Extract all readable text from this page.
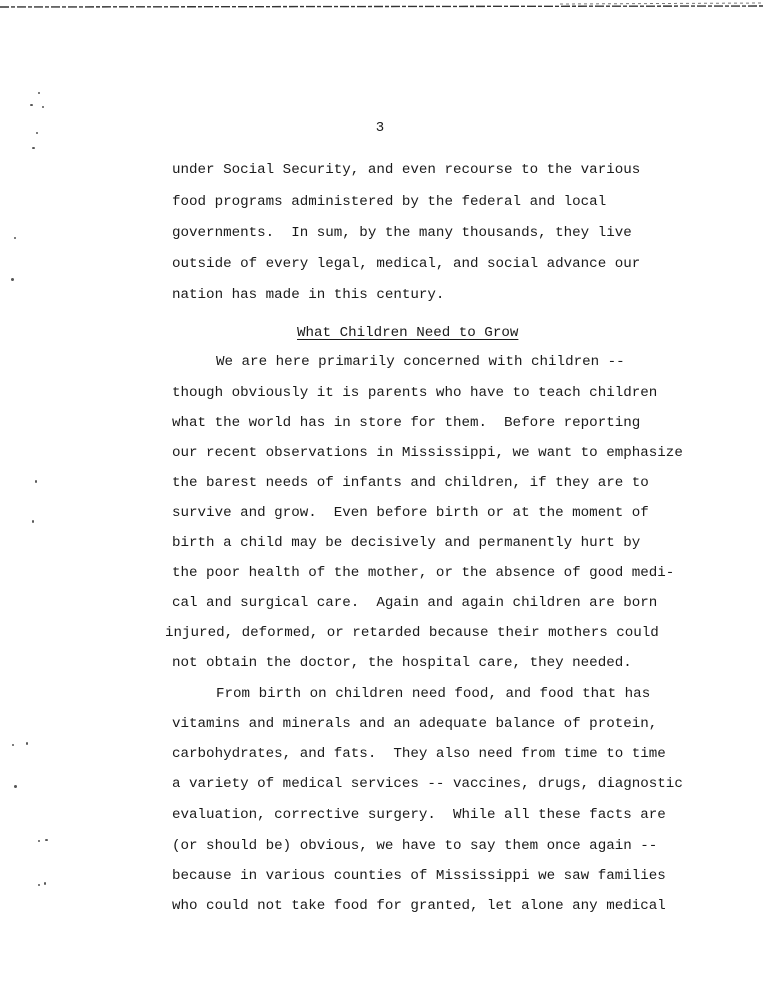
3
under Social Security, and even recourse to the various
food programs administered by the federal and local
governments.  In sum, by the many thousands, they live
outside of every legal, medical, and social advance our
nation has made in this century.
What Children Need to Grow
We are here primarily concerned with children --
though obviously it is parents who have to teach children
what the world has in store for them.  Before reporting
our recent observations in Mississippi, we want to emphasize
the barest needs of infants and children, if they are to
survive and grow.  Even before birth or at the moment of
birth a child may be decisively and permanently hurt by
the poor health of the mother, or the absence of good medi-
cal and surgical care.  Again and again children are born
injured, deformed, or retarded because their mothers could
not obtain the doctor, the hospital care, they needed.
From birth on children need food, and food that has
vitamins and minerals and an adequate balance of protein,
carbohydrates, and fats.  They also need from time to time
a variety of medical services -- vaccines, drugs, diagnostic
evaluation, corrective surgery.  While all these facts are
(or should be) obvious, we have to say them once again --
because in various counties of Mississippi we saw families
who could not take food for granted, let alone any medical
